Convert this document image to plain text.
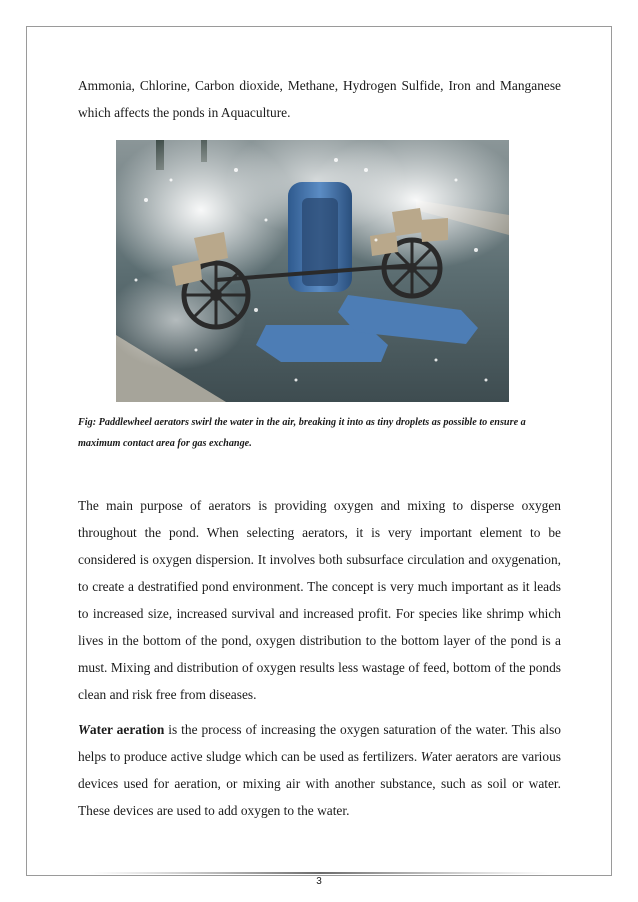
Ammonia, Chlorine, Carbon dioxide, Methane, Hydrogen Sulfide, Iron and Manganese which affects the ponds in Aquaculture.

Fig: Paddlewheel aerators swirl the water in the air, breaking it into as tiny droplets as possible to ensure a maximum contact area for gas exchange.

The main purpose of aerators is providing oxygen and mixing to disperse oxygen throughout the pond. When selecting aerators, it is very important element to be considered is oxygen dispersion. It involves both subsurface circulation and oxygenation, to create a destratified pond environment. The concept is very much important as it leads to increased size, increased survival and increased profit. For species like shrimp which lives in the bottom of the pond, oxygen distribution to the bottom layer of the pond is a must. Mixing and distribution of oxygen results less wastage of feed, bottom of the ponds clean and risk free from diseases.

Water aeration is the process of increasing the oxygen saturation of the water. This also helps to produce active sludge which can be used as fertilizers. Water aerators are various devices used for aeration, or mixing air with another substance, such as soil or water. These devices are used to add oxygen to the water.

3
